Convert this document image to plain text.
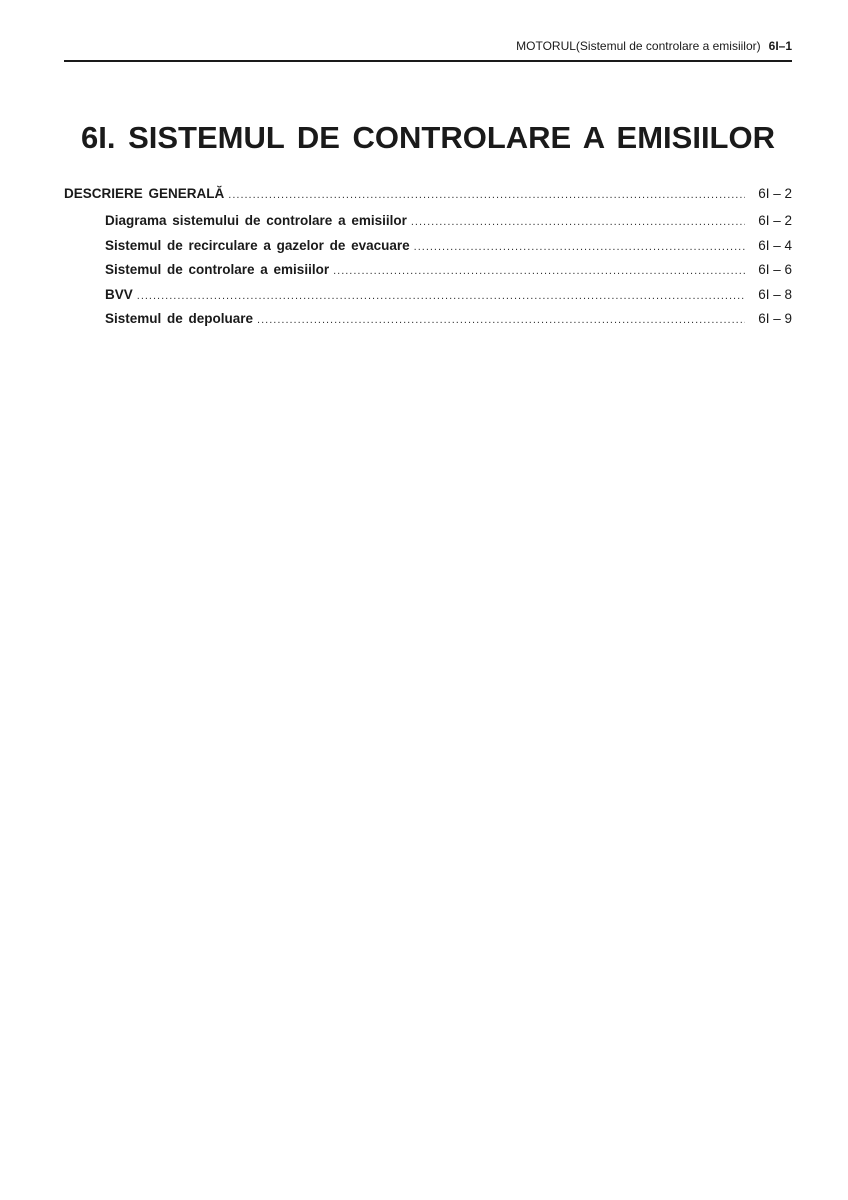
MOTORUL(Sistemul de controlare a emisiilor) 6I–1
6I. SISTEMUL DE CONTROLARE A EMISIILOR
DESCRIERE GENERALĂ .....	6I – 2
Diagrama sistemului de controlare a emisiilor .....	6I – 2
Sistemul de recirculare a gazelor de evacuare .....	6I – 4
Sistemul de controlare a emisiilor .....	6I – 6
BVV .....	6I – 8
Sistemul de depoluare .....	6I – 9
